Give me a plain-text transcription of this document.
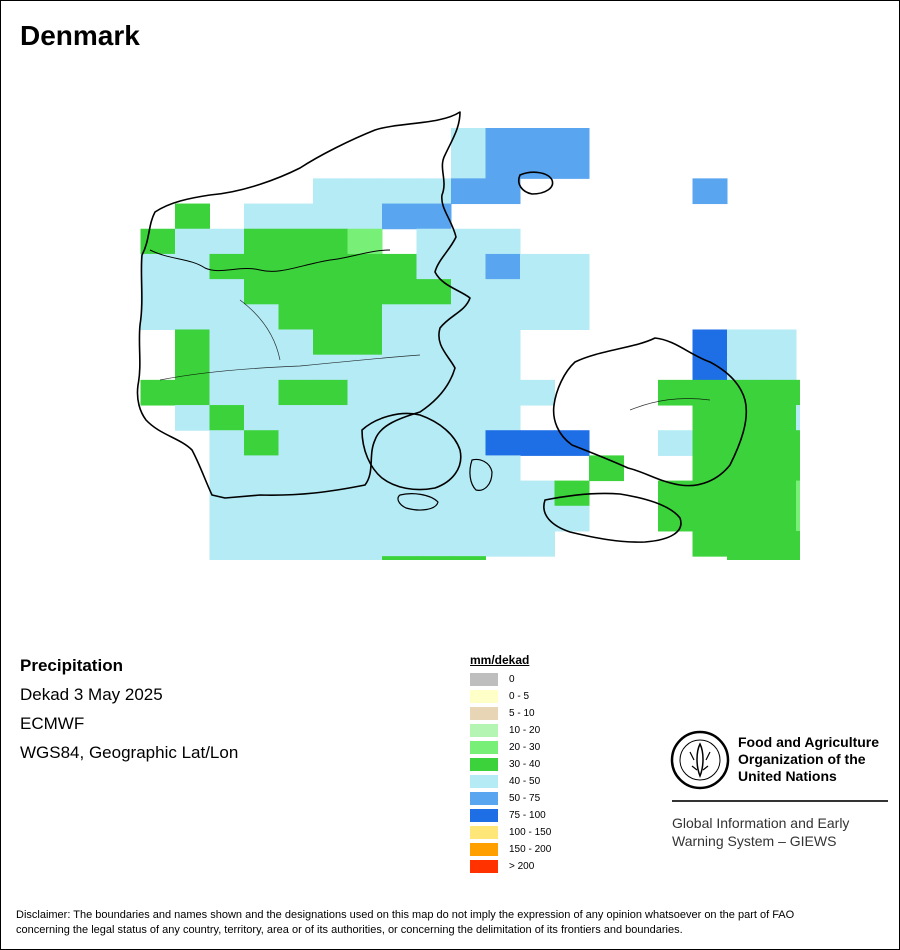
Denmark
Precipitation
Dekad 3 May 2025
ECMWF
WGS84, Geographic Lat/Lon
mm/dekad
0
0 - 5
5 - 10
10 - 20
20 - 30
30 - 40
40 - 50
50 - 75
75 - 100
100 - 150
150 - 200
> 200
Food and Agriculture
Organization of the
United Nations
Global Information and Early
Warning System – GIEWS
Disclaimer: The boundaries and names shown and the designations used on this map do not imply the expression of any opinion whatsoever on the part of FAO
concerning the legal status of any country, territory, area or of its authorities, or concerning the delimitation of its frontiers and boundaries.
